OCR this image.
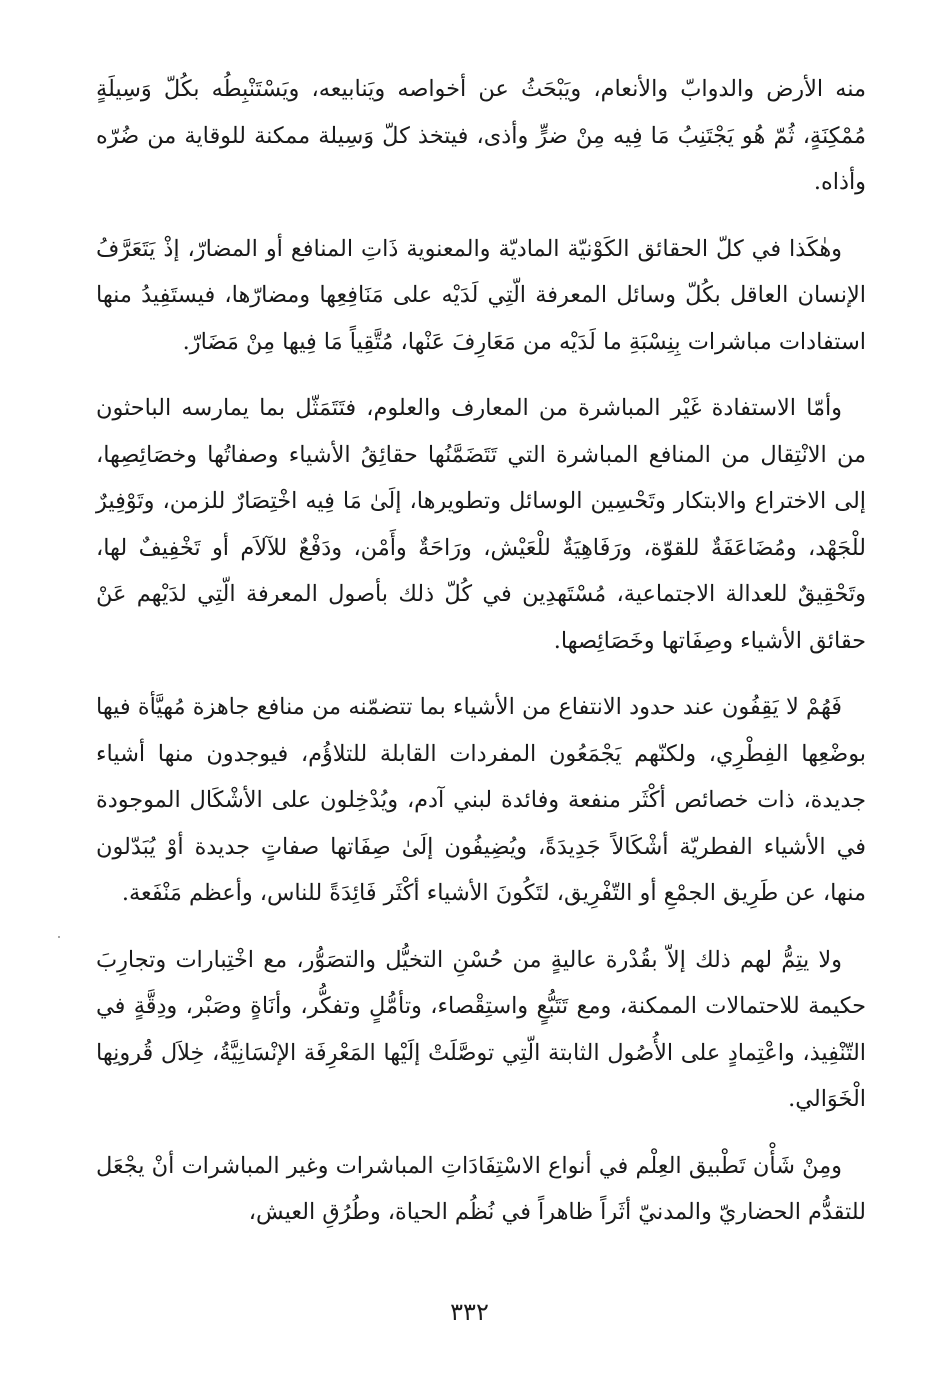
منه الأرض والدوابّ والأنعام، ويَبْحَثُ عن أخواصه ويَنابيعه، ويَسْتَنْبِطُه بكُلّ وَسِيلَةٍ مُمْكِنَةٍ، ثُمّ هُو يَجْتَنِبُ مَا فِيه مِنْ ضرٍّ وأذى، فيتخذ كلّ وَسِيلة ممكنة للوقاية من ضُرّه وأذاه.

وهٰكَذا في كلّ الحقائق الكَوْنيّة الماديّة والمعنوية ذَاتِ المنافع أو المضارّ، إذْ يَتَعَرَّفُ الإنسان العاقل بكُلّ وسائل المعرفة الّتِي لَدَيْه على مَنَافِعِها ومضارّها، فيستَفِيدُ منها استفادات مباشرات بِنِسْبَةِ ما لَدَيْه من مَعَارِفَ عَنْها، مُتَّقِياً مَا فِيها مِنْ مَضَارّ.

وأمّا الاستفادة غَيْر المباشرة من المعارف والعلوم، فتَتَمَثّل بما يمارسه الباحثون من الانْتِقال من المنافع المباشرة التي تَتَضَمَّنُها حقائِقُ الأشياء وصفاتُها وخصَائِصِها، إلى الاختراع والابتكار وتَحْسِين الوسائل وتطويرها، إلَىٰ مَا فِيه اخْتِصَارٌ للزمن، وتَوْفِيرٌ للْجَهْد، ومُضَاعَفَةٌ للقوّة، ورَفَاهِيَةٌ للْعَيْش، ورَاحَةٌ وأَمْن، ودَفْعٌ للآلاَم أو تَخْفِيفٌ لها، وتَحْقِيقٌ للعدالة الاجتماعية، مُسْتَهدِين في كُلّ ذلك بأصول المعرفة الّتِي لدَيْهم عَنْ حقائق الأشياء وصِفَاتها وخَصَائِصها.

فَهُمْ لا يَقِفُون عند حدود الانتفاع من الأشياء بما تتضمّنه من منافع جاهزة مُهيَّأة فيها بوضْعِها الفِطْرِي، ولكنّهم يَجْمَعُون المفردات القابلة للتلاؤُم، فيوجدون منها أشياء جديدة، ذات خصائص أكْثَر منفعة وفائدة لبني آدم، ويُدْخِلون على الأشْكَال الموجودة في الأشياء الفطريّة أشْكَالاً جَدِيدَةً، ويُضِيفُون إلَىٰ صِفَاتها صفاتٍ جديدة أوْ يُبَدّلون منها، عن طَرِيق الجمْعِ أو التّفْرِيق، لتَكُونَ الأشياء أكْثَر فَائِدَةً للناس، وأعظم مَنْفَعة.

ولا يتِمُّ لهم ذلك إلاّ بقُدْرة عاليةٍ من حُسْنِ التخيُّل والتصَوُّر، مع اخْتِبارات وتجارِبَ حكيمة للاحتمالات الممكنة، ومع تَتَبُّعٍ واستِقْصاء، وتأمُّلٍ وتفكُّر، وأنَاةٍ وصَبْر، ودِقَّةٍ في التّنْفِيذ، واعْتِمادٍ على الأُصُول الثابتة الّتِي توصَّلَتْ إلَيْها المَعْرِفَة الإنْسَانِيَّةُ، خِلاَل قُرونِها الْخَوَالي.

ومِنْ شَأْن تَطْبيق العِلْم في أنواع الاسْتِفَادَاتِ المباشرات وغير المباشرات أنْ يجْعَل للتقدُّم الحضاريّ والمدنيّ أثَراً ظاهراً في نُظُم الحياة، وطُرُقِ العيش،

٣٣٢
